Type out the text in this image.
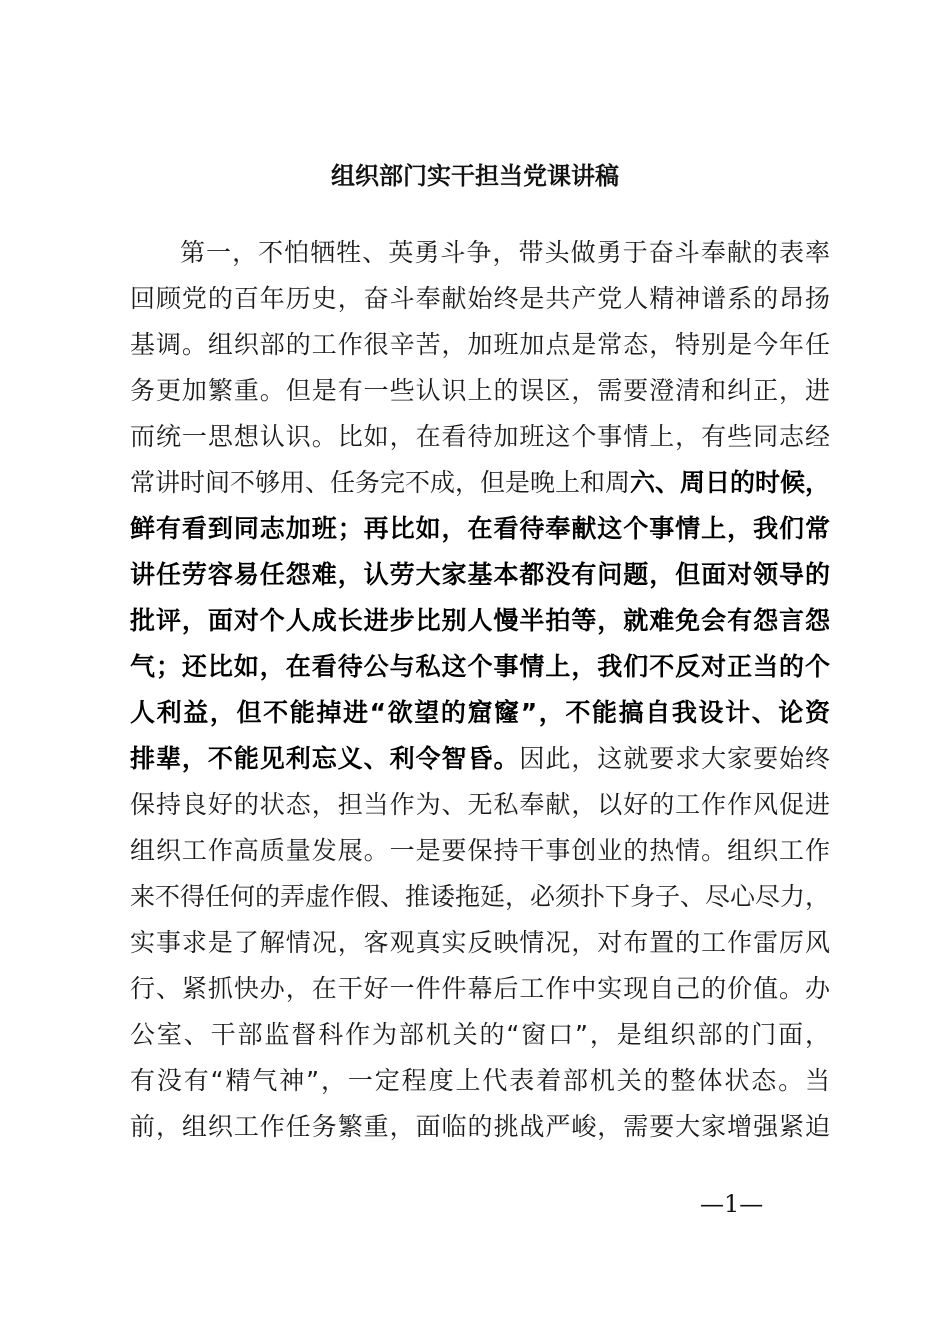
组织部门实干担当党课讲稿
第一，不怕牺牲、英勇斗争，带头做勇于奋斗奉献的表率
回顾党的百年历史，奋斗奉献始终是共产党人精神谱系的昂扬
基调。组织部的工作很辛苦，加班加点是常态，特别是今年任
务更加繁重。但是有一些认识上的误区，需要澄清和纠正，进
而统一思想认识。比如，在看待加班这个事情上，有些同志经
常讲时间不够用、任务完不成，但是晚上和周六、周日的时候，
鲜有看到同志加班；再比如，在看待奉献这个事情上，我们常
讲任劳容易任怨难，认劳大家基本都没有问题，但面对领导的
批评，面对个人成长进步比别人慢半拍等，就难免会有怨言怨
气；还比如，在看待公与私这个事情上，我们不反对正当的个
人利益，但不能掉进“欲望的窟窿”，不能搞自我设计、论资
排辈，不能见利忘义、利令智昏。因此，这就要求大家要始终
保持良好的状态，担当作为、无私奉献，以好的工作作风促进
组织工作高质量发展。一是要保持干事创业的热情。组织工作
来不得任何的弄虚作假、推诿拖延，必须扑下身子、尽心尽力，
实事求是了解情况，客观真实反映情况，对布置的工作雷厉风
行、紧抓快办，在干好一件件幕后工作中实现自己的价值。办
公室、干部监督科作为部机关的“窗口”，是组织部的门面，
有没有“精气神”，一定程度上代表着部机关的整体状态。当
前，组织工作任务繁重，面临的挑战严峻，需要大家增强紧迫
—1—
